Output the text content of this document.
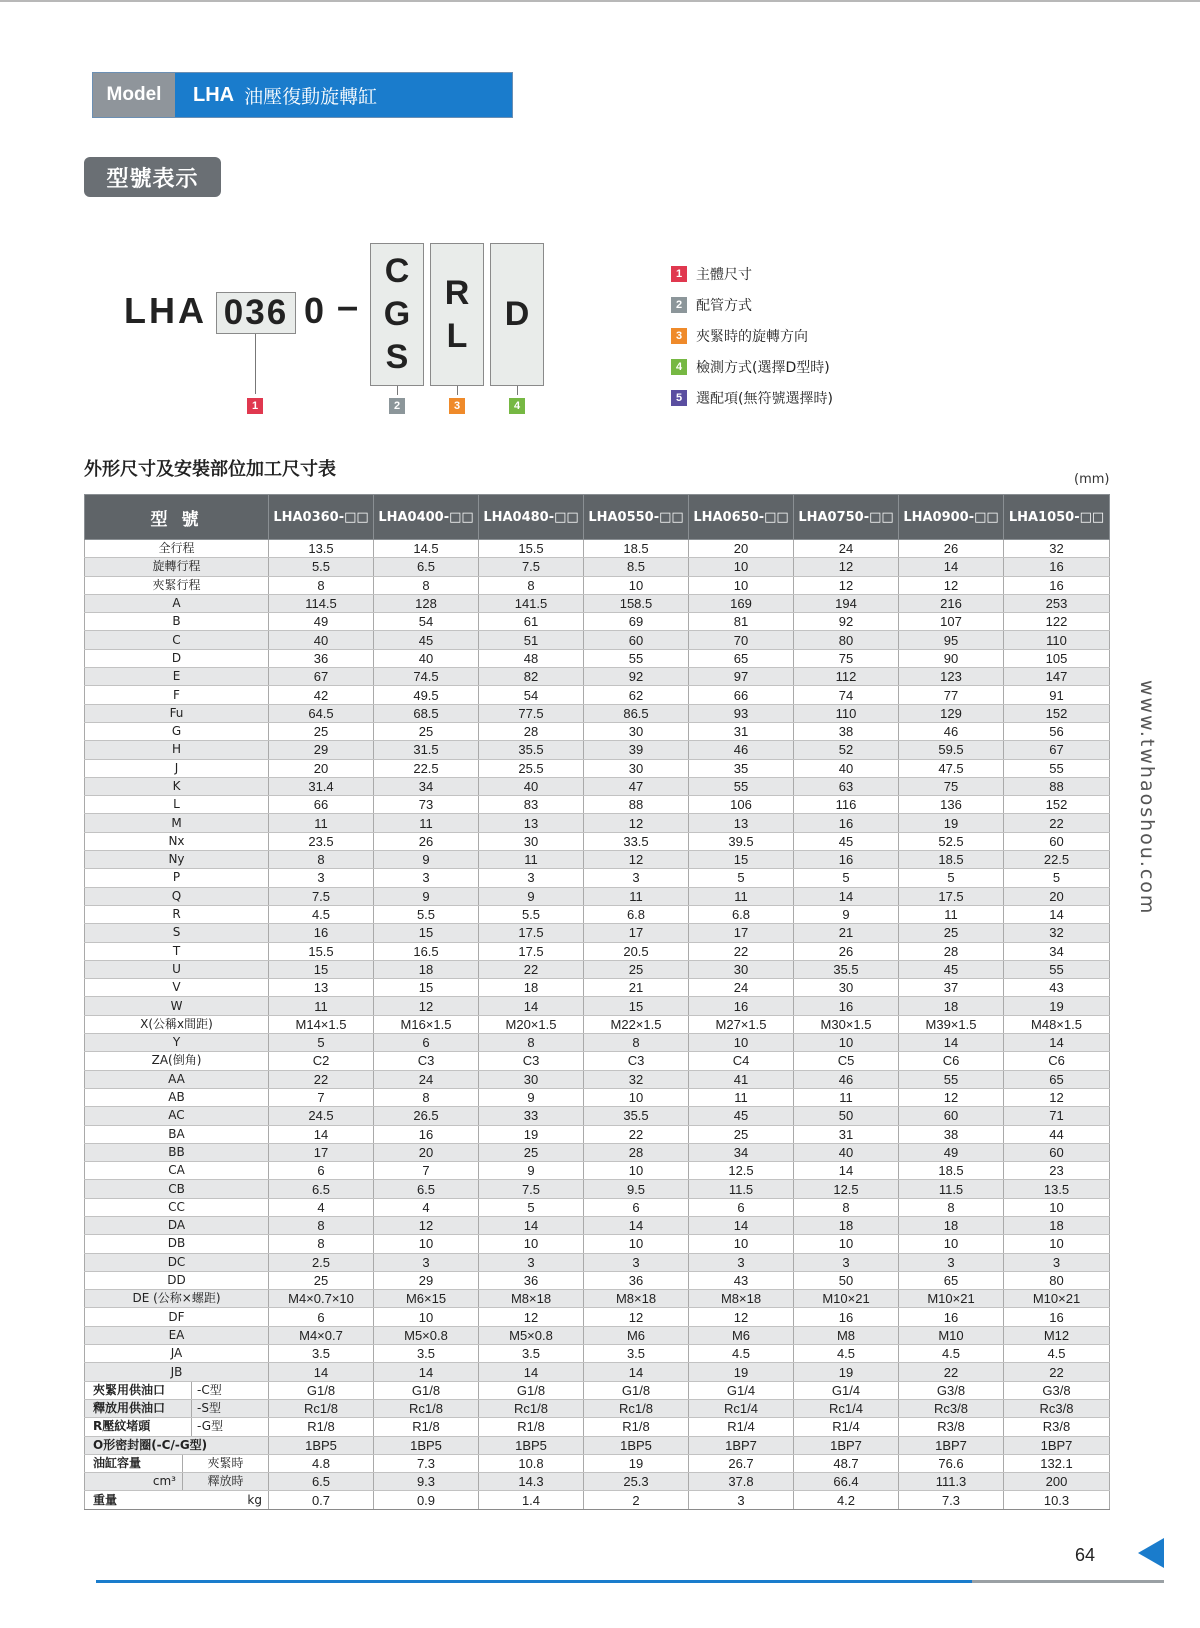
Model	LHA 油壓復動旋轉缸
型號表示
LHA 036 0 –
C
G
S
R
L
D
1	2	3	4
1 主體尺寸
2 配管方式
3 夾緊時的旋轉方向
4 檢測方式(選擇D型時)
5 選配項(無符號選擇時)
外形尺寸及安裝部位加工尺寸表	(mm)
型 號	LHA0360-□□	LHA0400-□□	LHA0480-□□	LHA0550-□□	LHA0650-□□	LHA0750-□□	LHA0900-□□	LHA1050-□□
全行程	13.5	14.5	15.5	18.5	20	24	26	32
旋轉行程	5.5	6.5	7.5	8.5	10	12	14	16
夾緊行程	8	8	8	10	10	12	12	16
A	114.5	128	141.5	158.5	169	194	216	253
B	49	54	61	69	81	92	107	122
C	40	45	51	60	70	80	95	110
D	36	40	48	55	65	75	90	105
E	67	74.5	82	92	97	112	123	147
F	42	49.5	54	62	66	74	77	91
Fu	64.5	68.5	77.5	86.5	93	110	129	152
G	25	25	28	30	31	38	46	56
H	29	31.5	35.5	39	46	52	59.5	67
J	20	22.5	25.5	30	35	40	47.5	55
K	31.4	34	40	47	55	63	75	88
L	66	73	83	88	106	116	136	152
M	11	11	13	12	13	16	19	22
Nx	23.5	26	30	33.5	39.5	45	52.5	60
Ny	8	9	11	12	15	16	18.5	22.5
P	3	3	3	3	5	5	5	5
Q	7.5	9	9	11	11	14	17.5	20
R	4.5	5.5	5.5	6.8	6.8	9	11	14
S	16	15	17.5	17	17	21	25	32
T	15.5	16.5	17.5	20.5	22	26	28	34
U	15	18	22	25	30	35.5	45	55
V	13	15	18	21	24	30	37	43
W	11	12	14	15	16	16	18	19
X(公稱x間距)	M14×1.5	M16×1.5	M20×1.5	M22×1.5	M27×1.5	M30×1.5	M39×1.5	M48×1.5
Y	5	6	8	8	10	10	14	14
ZA(倒角)	C2	C3	C3	C3	C4	C5	C6	C6
AA	22	24	30	32	41	46	55	65
AB	7	8	9	10	11	11	12	12
AC	24.5	26.5	33	35.5	45	50	60	71
BA	14	16	19	22	25	31	38	44
BB	17	20	25	28	34	40	49	60
CA	6	7	9	10	12.5	14	18.5	23
CB	6.5	6.5	7.5	9.5	11.5	12.5	11.5	13.5
CC	4	4	5	6	6	8	8	10
DA	8	12	14	14	14	18	18	18
DB	8	10	10	10	10	10	10	10
DC	2.5	3	3	3	3	3	3	3
DD	25	29	36	36	43	50	65	80
DE (公称×螺距)	M4×0.7×10	M6×15	M8×18	M8×18	M8×18	M10×21	M10×21	M10×21
DF	6	10	12	12	12	16	16	16
EA	M4×0.7	M5×0.8	M5×0.8	M6	M6	M8	M10	M12
JA	3.5	3.5	3.5	3.5	4.5	4.5	4.5	4.5
JB	14	14	14	14	19	19	22	22

夾緊用供油口 -C型	G1/8	G1/8	G1/8	G1/8	G1/4	G1/4	G3/8	G3/8

釋放用供油口 -S型	Rc1/8	Rc1/8	Rc1/8	Rc1/8	Rc1/4	Rc1/4	Rc3/8	Rc3/8

R壓紋堵頭 -G型	R1/8	R1/8	R1/8	R1/8	R1/4	R1/4	R3/8	R3/8
O形密封圈(-C/-G型)	1BP5	1BP5	1BP5	1BP5	1BP7	1BP7	1BP7	1BP7

油缸容量 夾緊時	4.8	7.3	10.8	19	26.7	48.7	76.6	132.1

cm³ 釋放時	6.5	9.3	14.3	25.3	37.8	66.4	111.3	200

重量 kg	0.7	0.9	1.4	2	3	4.2	7.3	10.3
www.twhaoshou.com
64
